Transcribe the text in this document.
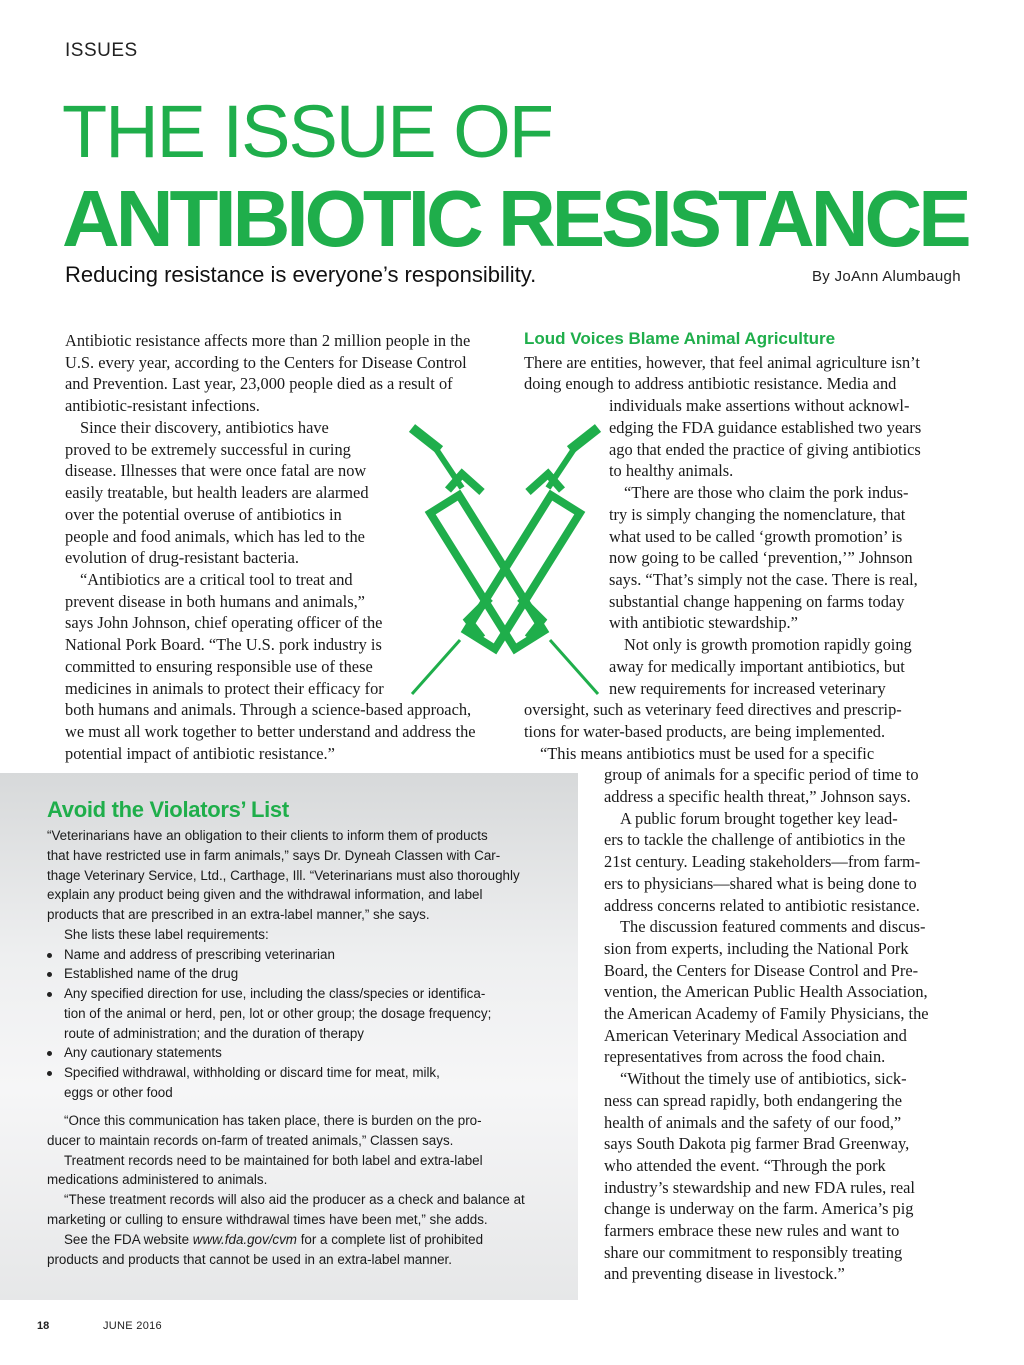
ISSUES
THE ISSUE OF
ANTIBIOTIC RESISTANCE
Reducing resistance is everyone’s responsibility.	By JoAnn Alumbaugh
Antibiotic resistance affects more than 2 million people in the
U.S. every year, according to the Centers for Disease Control
and Prevention. Last year, 23,000 people died as a result of
antibiotic-resistant infections.
Since their discovery, antibiotics have
proved to be extremely successful in curing
disease. Illnesses that were once fatal are now
easily treatable, but health leaders are alarmed
over the potential overuse of antibiotics in
people and food animals, which has led to the
evolution of drug-resistant bacteria.
“Antibiotics are a critical tool to treat and
prevent disease in both humans and animals,”
says John Johnson, chief operating officer of the
National Pork Board. “The U.S. pork industry is
committed to ensuring responsible use of these
medicines in animals to protect their efficacy for
both humans and animals. Through a science-based approach,
we must all work together to better understand and address the
potential impact of antibiotic resistance.”
Loud Voices Blame Animal Agriculture
There are entities, however, that feel animal agriculture isn’t
doing enough to address antibiotic resistance. Media and
individuals make assertions without acknowl-
edging the FDA guidance established two years
ago that ended the practice of giving antibiotics
to healthy animals.
“There are those who claim the pork indus-
try is simply changing the nomenclature, that
what used to be called ‘growth promotion’ is
now going to be called ‘prevention,’” Johnson
says. “That’s simply not the case. There is real,
substantial change happening on farms today
with antibiotic stewardship.”
Not only is growth promotion rapidly going
away for medically important antibiotics, but
new requirements for increased veterinary
oversight, such as veterinary feed directives and prescrip-
tions for water-based products, are being implemented.
“This means antibiotics must be used for a specific
group of animals for a specific period of time to
address a specific health threat,” Johnson says.
A public forum brought together key lead-
ers to tackle the challenge of antibiotics in the
21st century. Leading stakeholders—from farm-
ers to physicians—shared what is being done to
address concerns related to antibiotic resistance.
The discussion featured comments and discus-
sion from experts, including the National Pork
Board, the Centers for Disease Control and Pre-
vention, the American Public Health Association,
the American Academy of Family Physicians, the
American Veterinary Medical Association and
representatives from across the food chain.
“Without the timely use of antibiotics, sick-
ness can spread rapidly, both endangering the
health of animals and the safety of our food,”
says South Dakota pig farmer Brad Greenway,
who attended the event. “Through the pork
industry’s stewardship and new FDA rules, real
change is underway on the farm. America’s pig
farmers embrace these new rules and want to
share our commitment to responsibly treating
and preventing disease in livestock.”
Avoid the Violators’ List
“Veterinarians have an obligation to their clients to inform them of products
that have restricted use in farm animals,” says Dr. Dyneah Classen with Car-
thage Veterinary Service, Ltd., Carthage, Ill. “Veterinarians must also thoroughly
explain any product being given and the withdrawal information, and label
products that are prescribed in an extra-label manner,” she says.
She lists these label requirements:
Name and address of prescribing veterinarian
Established name of the drug
Any specified direction for use, including the class/species or identifica-
tion of the animal or herd, pen, lot or other group; the dosage frequency;
route of administration; and the duration of therapy
Any cautionary statements
Specified withdrawal, withholding or discard time for meat, milk,
eggs or other food
“Once this communication has taken place, there is burden on the pro-
ducer to maintain records on-farm of treated animals,” Classen says.
Treatment records need to be maintained for both label and extra-label
medications administered to animals.
“These treatment records will also aid the producer as a check and balance at
marketing or culling to ensure withdrawal times have been met,” she adds.
See the FDA website www.fda.gov/cvm for a complete list of prohibited
products and products that cannot be used in an extra-label manner.
18	JUNE 2016
